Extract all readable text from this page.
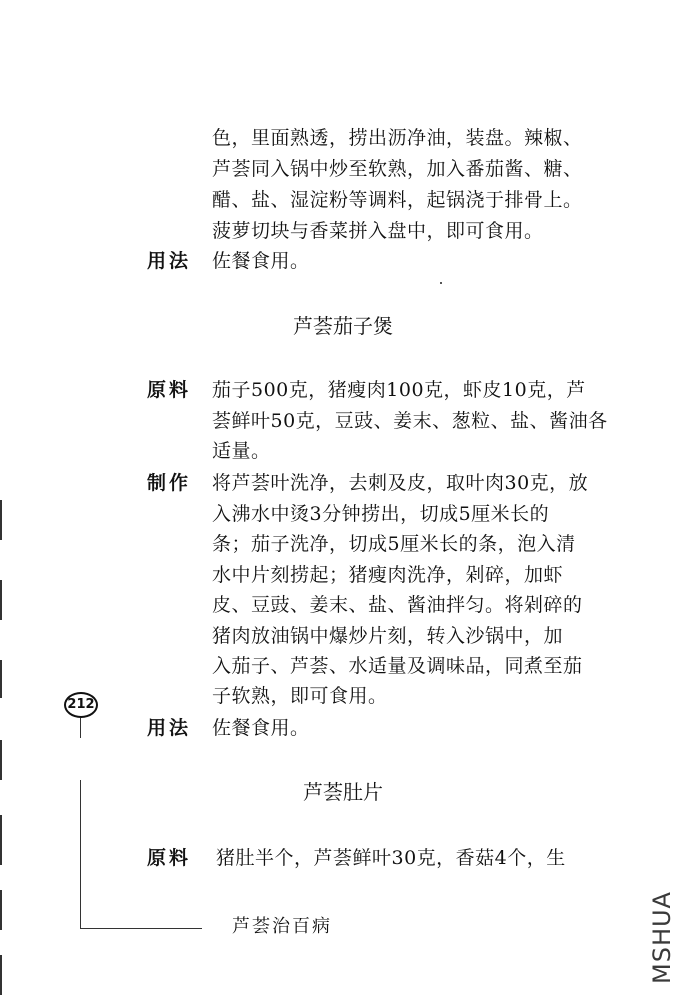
色，里面熟透，捞出沥净油，装盘。辣椒、
芦荟同入锅中炒至软熟，加入番茄酱、糖、
醋、盐、湿淀粉等调料，起锅浇于排骨上。
菠萝切块与香菜拼入盘中，即可食用。
用法 佐餐食用。
芦荟茄子煲
原料 茄子500克，猪瘦肉100克，虾皮10克，芦
荟鲜叶50克，豆豉、姜末、葱粒、盐、酱油各
适量。
制作 将芦荟叶洗净，去刺及皮，取叶肉30克，放
入沸水中烫3分钟捞出，切成5厘米长的
条；茄子洗净，切成5厘米长的条，泡入清
水中片刻捞起；猪瘦肉洗净，剁碎，加虾
皮、豆豉、姜末、盐、酱油拌匀。将剁碎的
猪肉放油锅中爆炒片刻，转入沙锅中，加
入茄子、芦荟、水适量及调味品，同煮至茄
子软熟，即可食用。
212
用法 佐餐食用。
芦荟肚片
原料 猪肚半个，芦荟鲜叶30克，香菇4个，生
芦荟治百病	MSHUA
